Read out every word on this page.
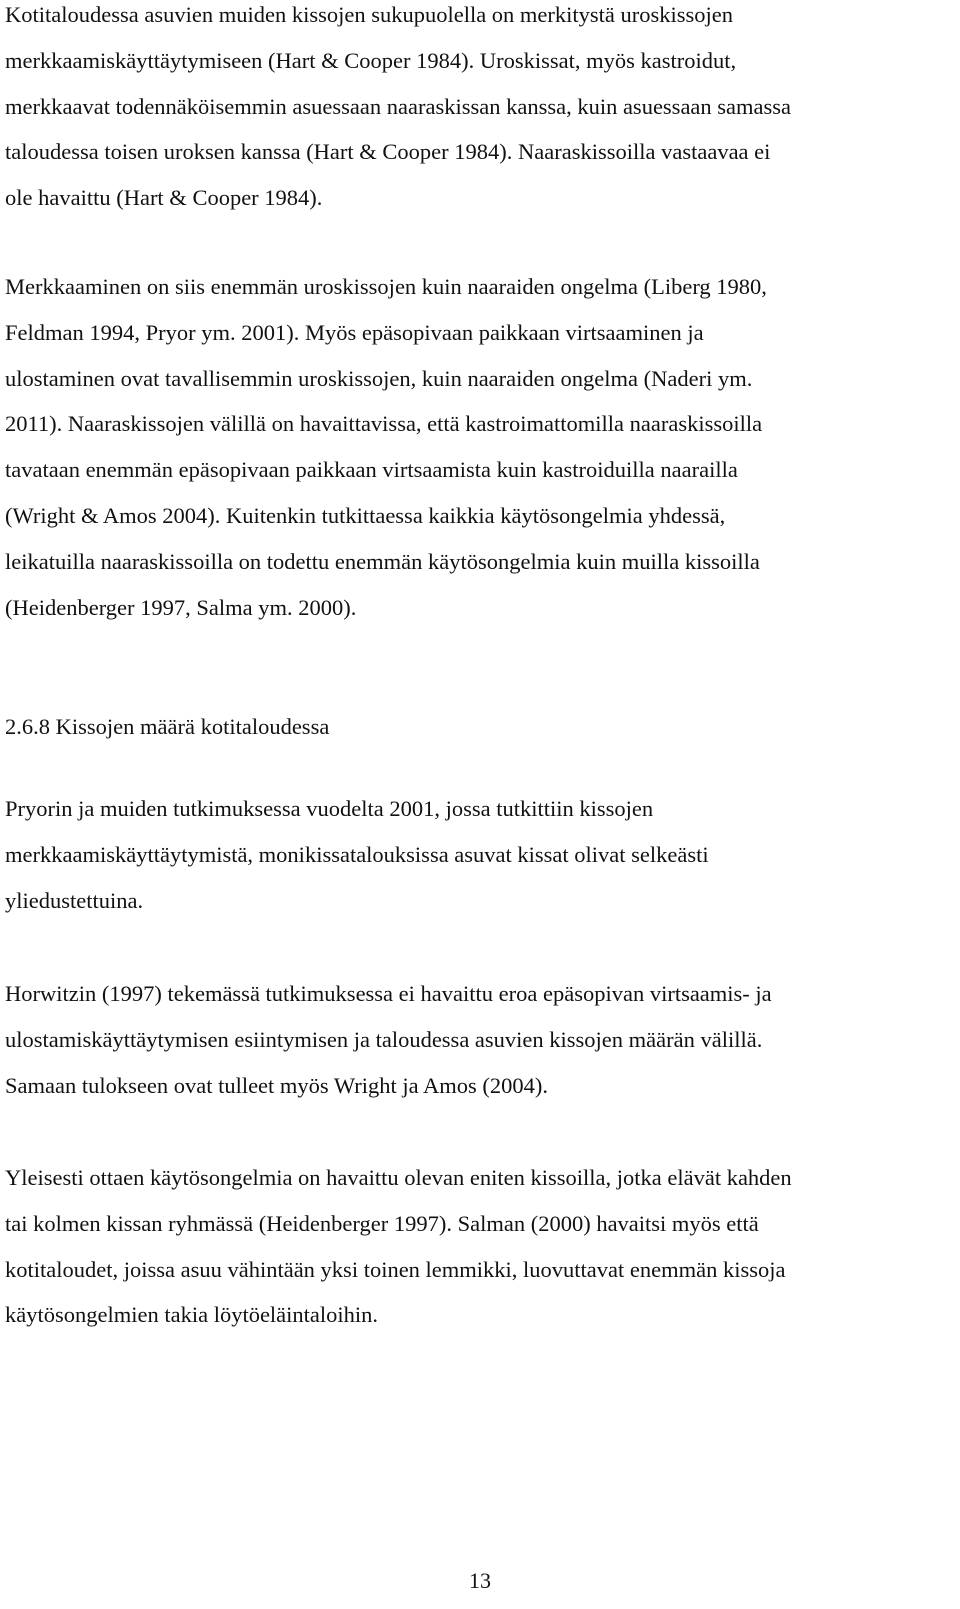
Kotitaloudessa asuvien muiden kissojen sukupuolella on merkitystä uroskissojen
merkkaamiskäyttäytymiseen (Hart & Cooper 1984). Uroskissat, myös kastroidut,
merkkaavat todennäköisemmin asuessaan naaraskissan kanssa, kuin asuessaan samassa
taloudessa toisen uroksen kanssa (Hart & Cooper 1984). Naaraskissoilla vastaavaa ei
ole havaittu (Hart & Cooper 1984).

Merkkaaminen on siis enemmän uroskissojen kuin naaraiden ongelma (Liberg 1980,
Feldman 1994, Pryor ym. 2001). Myös epäsopivaan paikkaan virtsaaminen ja
ulostaminen ovat tavallisemmin uroskissojen, kuin naaraiden ongelma (Naderi ym.
2011). Naaraskissojen välillä on havaittavissa, että kastroimattomilla naaraskissoilla
tavataan enemmän epäsopivaan paikkaan virtsaamista kuin kastroiduilla naarailla
(Wright & Amos 2004). Kuitenkin tutkittaessa kaikkia käytösongelmia yhdessä,
leikatuilla naaraskissoilla on todettu enemmän käytösongelmia kuin muilla kissoilla
(Heidenberger 1997, Salma ym. 2000).

2.6.8 Kissojen määrä kotitaloudessa

Pryorin ja muiden tutkimuksessa vuodelta 2001, jossa tutkittiin kissojen
merkkaamiskäyttäytymistä, monikissatalouksissa asuvat kissat olivat selkeästi
yliedustettuina.

Horwitzin (1997) tekemässä tutkimuksessa ei havaittu eroa epäsopivan virtsaamis- ja
ulostamiskäyttäytymisen esiintymisen ja taloudessa asuvien kissojen määrän välillä.
Samaan tulokseen ovat tulleet myös Wright ja Amos (2004).

Yleisesti ottaen käytösongelmia on havaittu olevan eniten kissoilla, jotka elävät kahden
tai kolmen kissan ryhmässä (Heidenberger 1997). Salman (2000) havaitsi myös että
kotitaloudet, joissa asuu vähintään yksi toinen lemmikki, luovuttavat enemmän kissoja
käytösongelmien takia löytöeläintaloihin.

13
